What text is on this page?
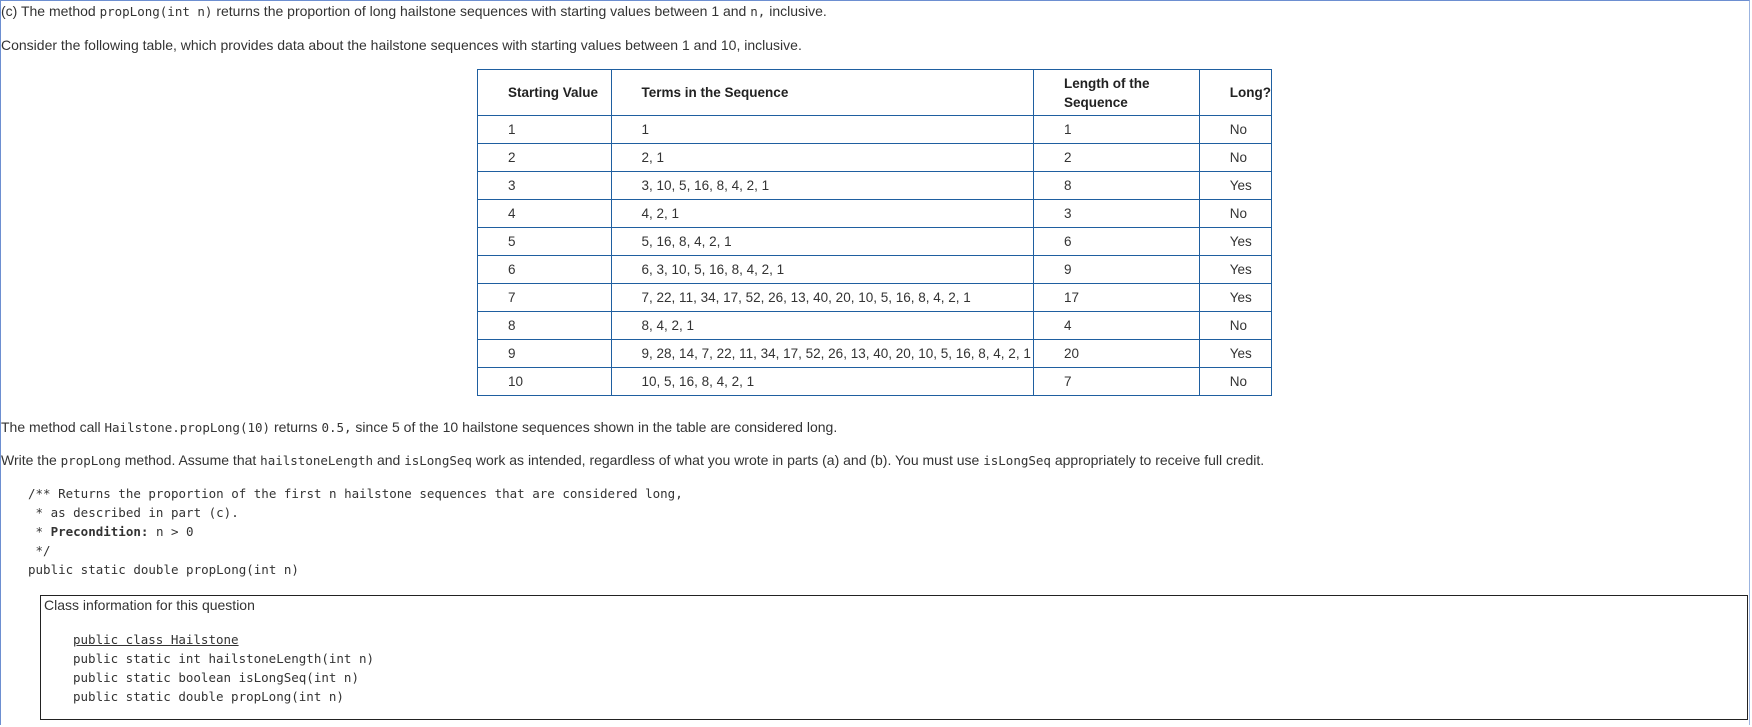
(c) The method propLong(int n) returns the proportion of long hailstone sequences with starting values between 1 and n, inclusive.
Consider the following table, which provides data about the hailstone sequences with starting values between 1 and 10, inclusive.
Starting Value	Terms in the Sequence	Length of the Sequence	Long?
1	1	1	No
2	2, 1	2	No
3	3, 10, 5, 16, 8, 4, 2, 1	8	Yes
4	4, 2, 1	3	No
5	5, 16, 8, 4, 2, 1	6	Yes
6	6, 3, 10, 5, 16, 8, 4, 2, 1	9	Yes
7	7, 22, 11, 34, 17, 52, 26, 13, 40, 20, 10, 5, 16, 8, 4, 2, 1	17	Yes
8	8, 4, 2, 1	4	No
9	9, 28, 14, 7, 22, 11, 34, 17, 52, 26, 13, 40, 20, 10, 5, 16, 8, 4, 2, 1	20	Yes
10	10, 5, 16, 8, 4, 2, 1	7	No
The method call Hailstone.propLong(10) returns 0.5, since 5 of the 10 hailstone sequences shown in the table are considered long.
Write the propLong method. Assume that hailstoneLength and isLongSeq work as intended, regardless of what you wrote in parts (a) and (b). You must use isLongSeq appropriately to receive full credit.
/** Returns the proportion of the first n hailstone sequences that are considered long,
* as described in part (c).
* Precondition: n > 0
*/
public static double propLong(int n)
Class information for this question
public class Hailstone
public static int hailstoneLength(int n)
public static boolean isLongSeq(int n)
public static double propLong(int n)
